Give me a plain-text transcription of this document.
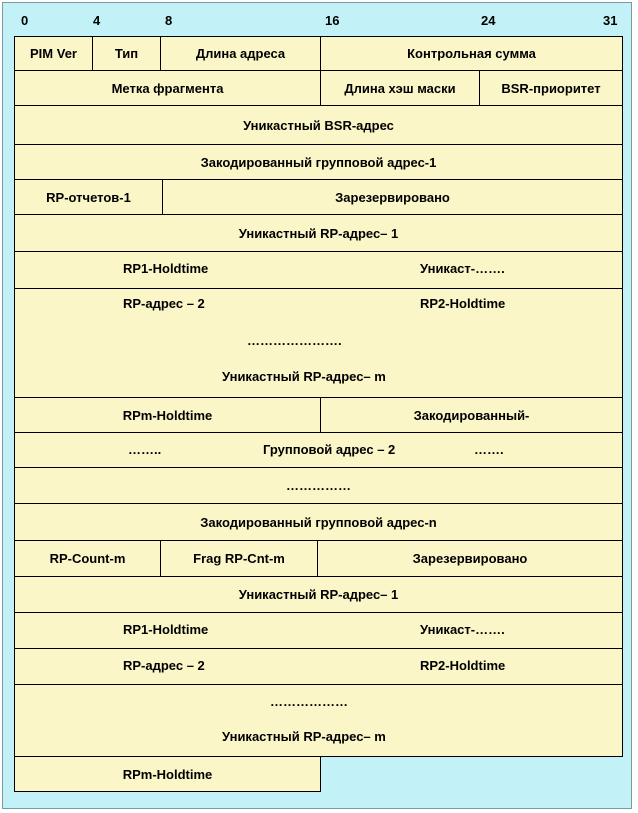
0	4	8	16	24	31
PIM Ver	Тип	Длина адреса	Контрольная сумма
Метка фрагмента	Длина хэш маски	BSR-приоритет
Уникастный BSR-адрес
Закодированный групповой адрес-1
RP-отчетов-1	Зарезервировано
Уникастный RP-адрес– 1
RP1-Holdtime	Уникаст-…….
RP-адрес – 2	RP2-Holdtime
………………….
Уникастный RP-адрес– m
RPm-Holdtime	Закодированный-
……..	Групповой адрес – 2	…….
……………
Закодированный групповой адрес-n
RP-Count-m	Frag RP-Cnt-m	Зарезервировано
Уникастный RP-адрес– 1
RP1-Holdtime	Уникаст-…….
RP-адрес – 2	RP2-Holdtime
………………
Уникастный RP-адрес– m
RPm-Holdtime
